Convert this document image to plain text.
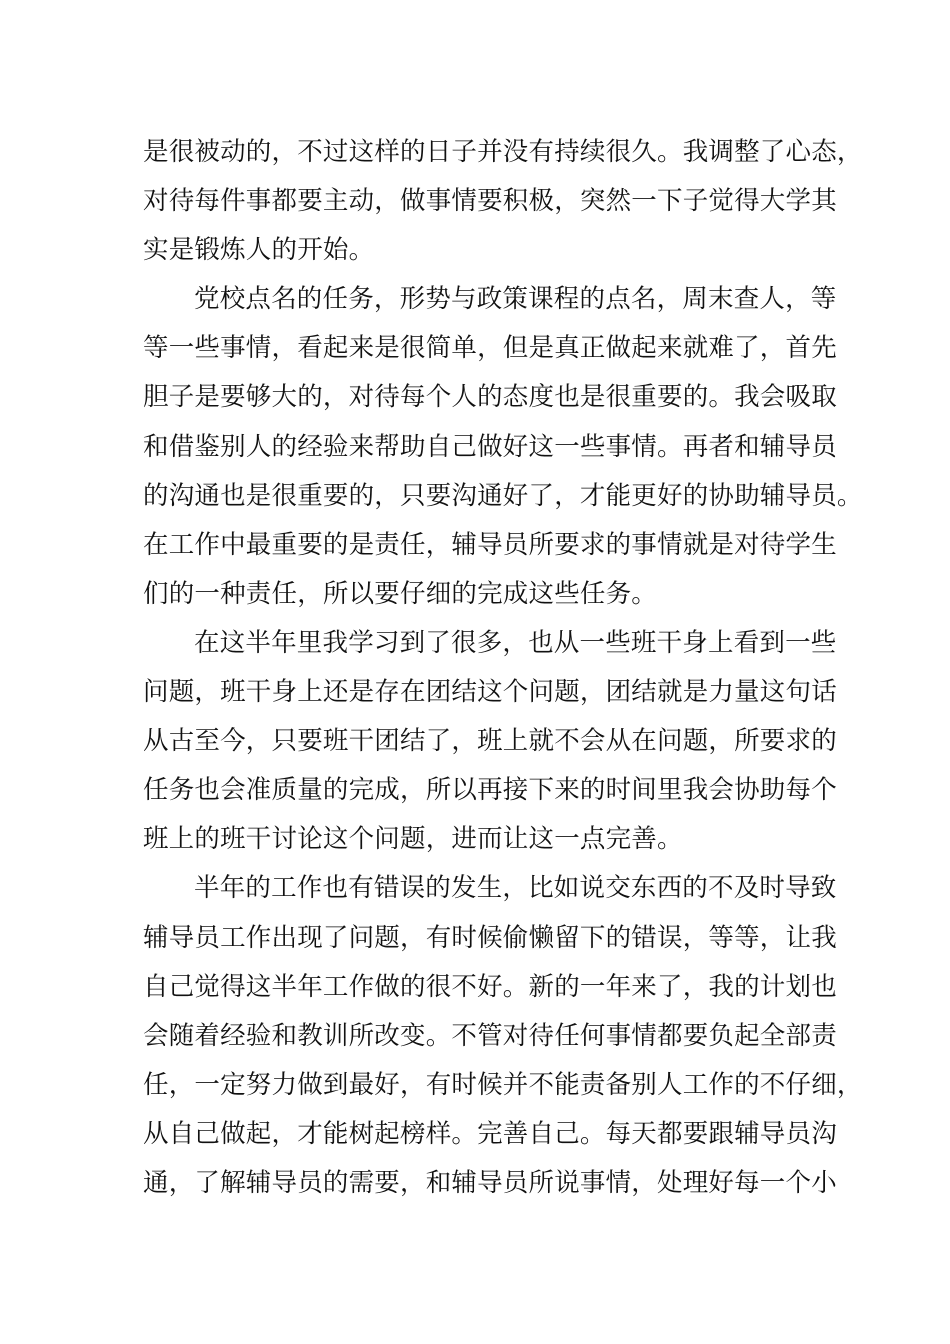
是很被动的，不过这样的日子并没有持续很久。我调整了心态，
对待每件事都要主动，做事情要积极，突然一下子觉得大学其
实是锻炼人的开始。
党校点名的任务，形势与政策课程的点名，周末查人，等
等一些事情，看起来是很简单，但是真正做起来就难了，首先
胆子是要够大的，对待每个人的态度也是很重要的。我会吸取
和借鉴别人的经验来帮助自己做好这一些事情。再者和辅导员
的沟通也是很重要的，只要沟通好了，才能更好的协助辅导员。
在工作中最重要的是责任，辅导员所要求的事情就是对待学生
们的一种责任，所以要仔细的完成这些任务。
在这半年里我学习到了很多，也从一些班干身上看到一些
问题，班干身上还是存在团结这个问题，团结就是力量这句话
从古至今，只要班干团结了，班上就不会从在问题，所要求的
任务也会准质量的完成，所以再接下来的时间里我会协助每个
班上的班干讨论这个问题，进而让这一点完善。
半年的工作也有错误的发生，比如说交东西的不及时导致
辅导员工作出现了问题，有时候偷懒留下的错误，等等，让我
自己觉得这半年工作做的很不好。新的一年来了，我的计划也
会随着经验和教训所改变。不管对待任何事情都要负起全部责
任，一定努力做到最好，有时候并不能责备别人工作的不仔细，
从自己做起，才能树起榜样。完善自己。每天都要跟辅导员沟
通，了解辅导员的需要，和辅导员所说事情，处理好每一个小
